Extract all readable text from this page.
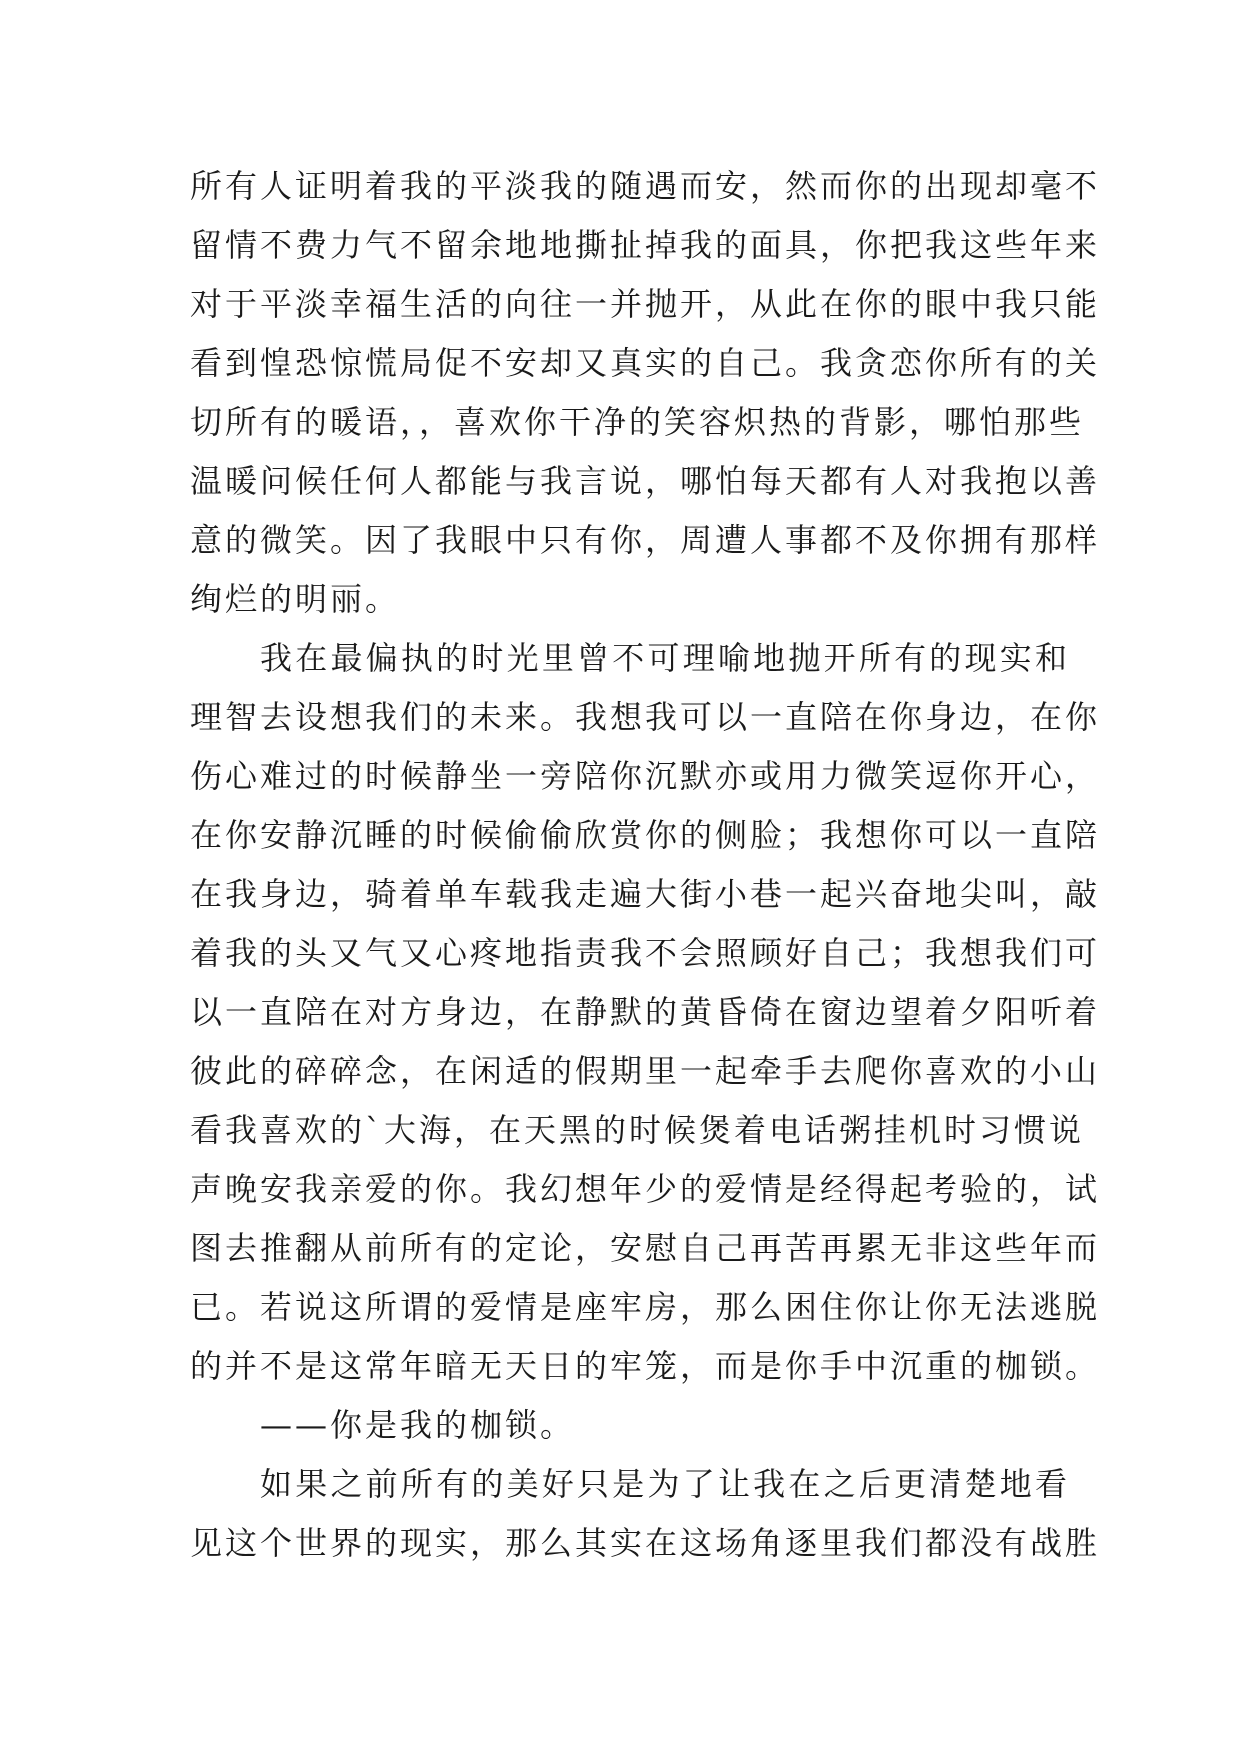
所有人证明着我的平淡我的随遇而安，然而你的出现却毫不
留情不费力气不留余地地撕扯掉我的面具，你把我这些年来
对于平淡幸福生活的向往一并抛开，从此在你的眼中我只能
看到惶恐惊慌局促不安却又真实的自己。我贪恋你所有的关
切所有的暖语，，喜欢你干净的笑容炽热的背影，哪怕那些
温暖问候任何人都能与我言说，哪怕每天都有人对我抱以善
意的微笑。因了我眼中只有你，周遭人事都不及你拥有那样
绚烂的明丽。
我在最偏执的时光里曾不可理喻地抛开所有的现实和
理智去设想我们的未来。我想我可以一直陪在你身边，在你
伤心难过的时候静坐一旁陪你沉默亦或用力微笑逗你开心，
在你安静沉睡的时候偷偷欣赏你的侧脸；我想你可以一直陪
在我身边，骑着单车载我走遍大街小巷一起兴奋地尖叫，敲
着我的头又气又心疼地指责我不会照顾好自己；我想我们可
以一直陪在对方身边，在静默的黄昏倚在窗边望着夕阳听着
彼此的碎碎念，在闲适的假期里一起牵手去爬你喜欢的小山
看我喜欢的`大海，在天黑的时候煲着电话粥挂机时习惯说
声晚安我亲爱的你。我幻想年少的爱情是经得起考验的，试
图去推翻从前所有的定论，安慰自己再苦再累无非这些年而
已。若说这所谓的爱情是座牢房，那么困住你让你无法逃脱
的并不是这常年暗无天日的牢笼，而是你手中沉重的枷锁。
——你是我的枷锁。
如果之前所有的美好只是为了让我在之后更清楚地看
见这个世界的现实，那么其实在这场角逐里我们都没有战胜
